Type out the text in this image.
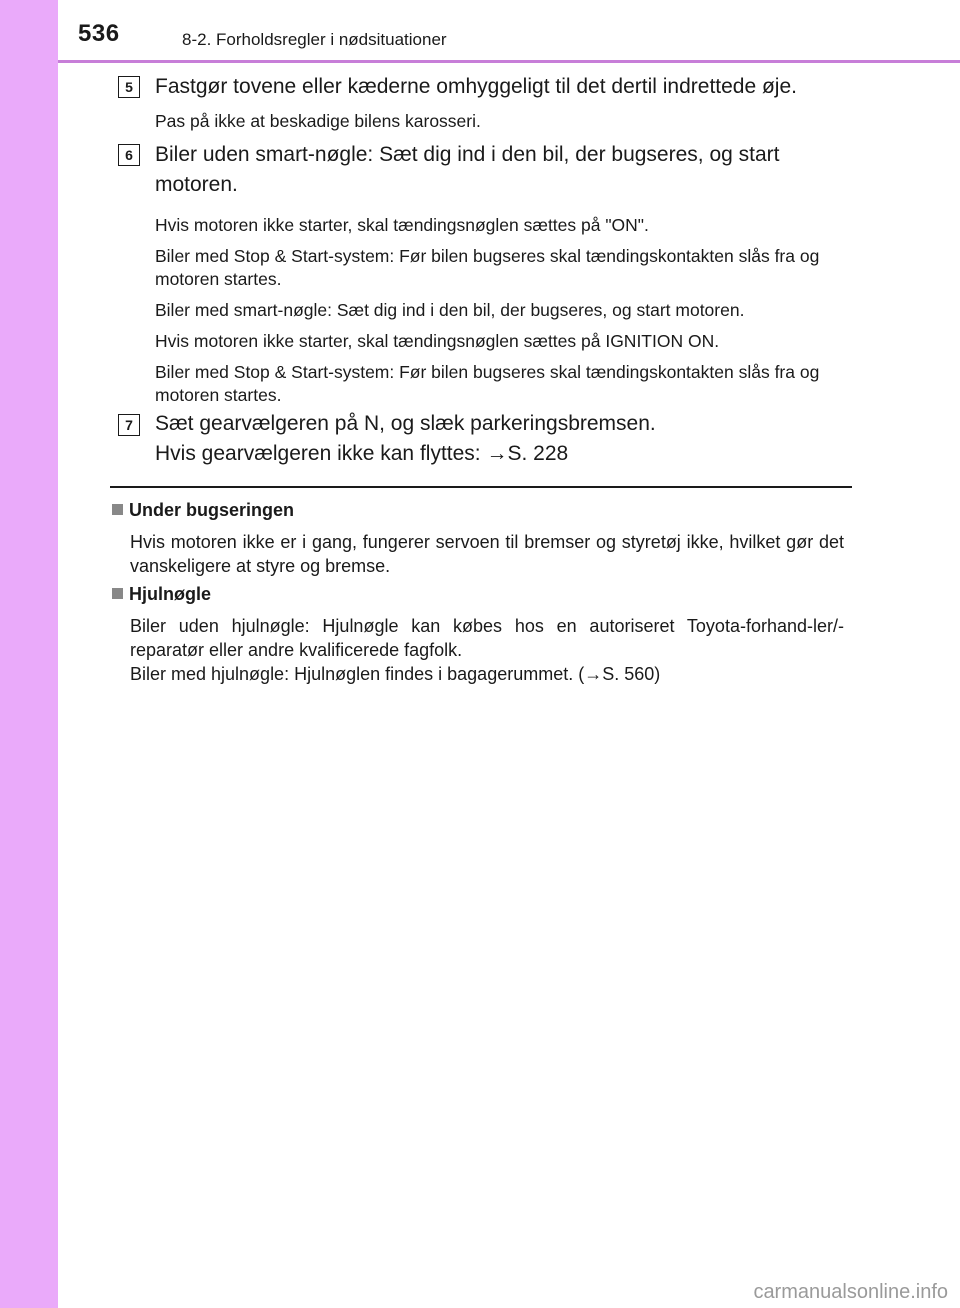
536	8-2. Forholdsregler i nødsituationer
5	Fastgør tovene eller kæderne omhyggeligt til det dertil indrettede øje.

Pas på ikke at beskadige bilens karosseri.

6	Biler uden smart-nøgle: Sæt dig ind i den bil, der bugseres, og start

motoren.

Hvis motoren ikke starter, skal tændingsnøglen sættes på "ON".

Biler med Stop & Start-system: Før bilen bugseres skal tændingskontakten slås fra og motoren startes.

Biler med smart-nøgle: Sæt dig ind i den bil, der bugseres, og start motoren.

Hvis motoren ikke starter, skal tændingsnøglen sættes på IGNITION ON.

Biler med Stop & Start-system: Før bilen bugseres skal tændingskontakten slås fra og motoren startes.

7	Sæt gearvælgeren på N, og slæk parkeringsbremsen.

Hvis gearvælgeren ikke kan flyttes: →S. 228

Under bugseringen
Hvis motoren ikke er i gang, fungerer servoen til bremser og styretøj ikke, hvilket gør det vanskeligere at styre og bremse.
Hjulnøgle
Biler uden hjulnøgle: Hjulnøgle kan købes hos en autoriseret Toyota-forhand-ler/-reparatør eller andre kvalificerede fagfolk.
Biler med hjulnøgle: Hjulnøglen findes i bagagerummet. (→S. 560)
carmanualsonline.info
